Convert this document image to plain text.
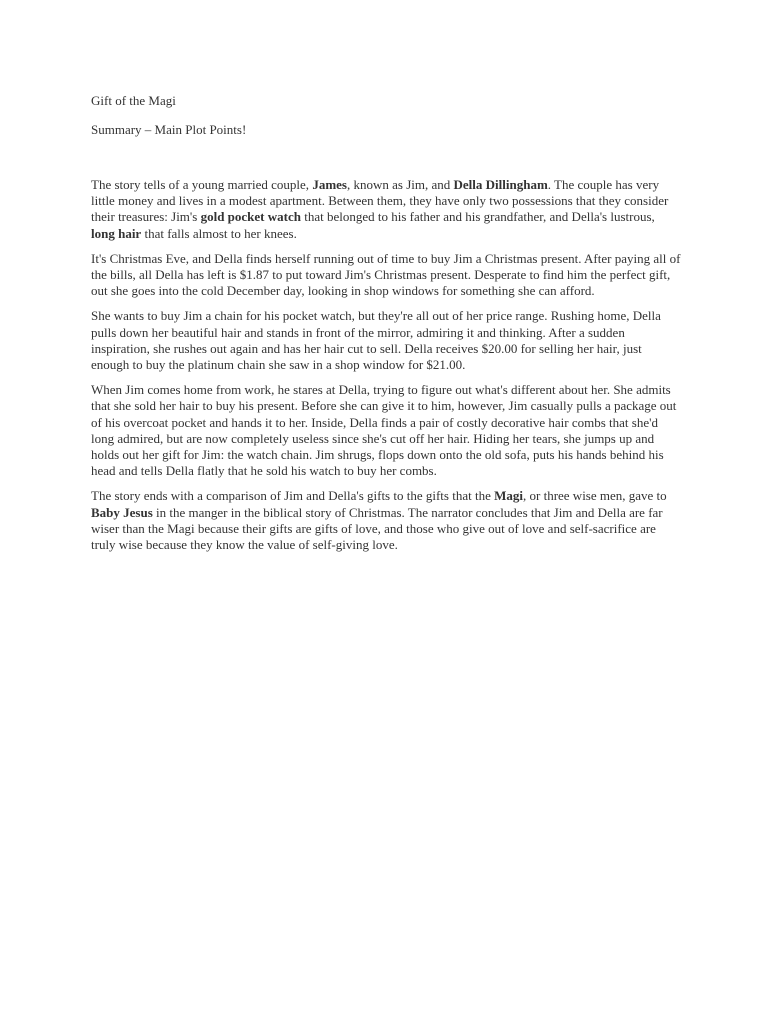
Gift of the Magi

Summary – Main Plot Points!

The story tells of a young married couple, James, known as Jim, and Della Dillingham. The couple has very little money and lives in a modest apartment. Between them, they have only two possessions that they consider their treasures: Jim's gold pocket watch that belonged to his father and his grandfather, and Della's lustrous, long hair that falls almost to her knees.

It's Christmas Eve, and Della finds herself running out of time to buy Jim a Christmas present. After paying all of the bills, all Della has left is $1.87 to put toward Jim's Christmas present. Desperate to find him the perfect gift, out she goes into the cold December day, looking in shop windows for something she can afford.

She wants to buy Jim a chain for his pocket watch, but they're all out of her price range. Rushing home, Della pulls down her beautiful hair and stands in front of the mirror, admiring it and thinking. After a sudden inspiration, she rushes out again and has her hair cut to sell. Della receives $20.00 for selling her hair, just enough to buy the platinum chain she saw in a shop window for $21.00.

When Jim comes home from work, he stares at Della, trying to figure out what's different about her. She admits that she sold her hair to buy his present. Before she can give it to him, however, Jim casually pulls a package out of his overcoat pocket and hands it to her. Inside, Della finds a pair of costly decorative hair combs that she'd long admired, but are now completely useless since she's cut off her hair. Hiding her tears, she jumps up and holds out her gift for Jim: the watch chain. Jim shrugs, flops down onto the old sofa, puts his hands behind his head and tells Della flatly that he sold his watch to buy her combs.

The story ends with a comparison of Jim and Della's gifts to the gifts that the Magi, or three wise men, gave to Baby Jesus in the manger in the biblical story of Christmas. The narrator concludes that Jim and Della are far wiser than the Magi because their gifts are gifts of love, and those who give out of love and self-sacrifice are truly wise because they know the value of self-giving love.
